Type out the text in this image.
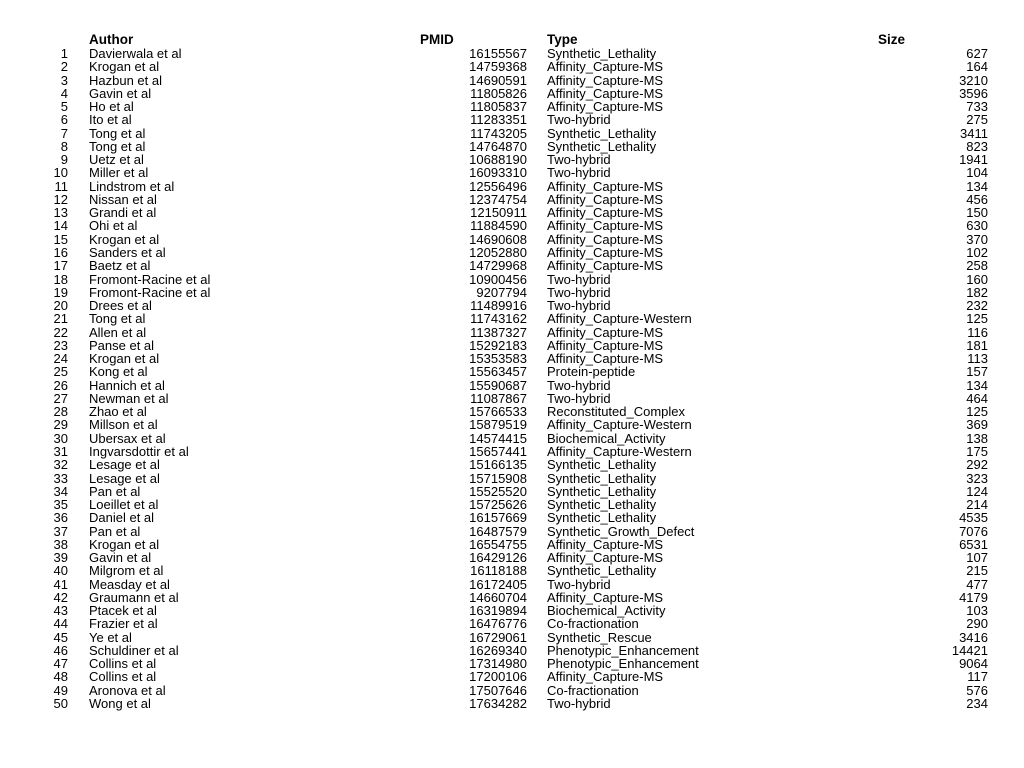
Author	PMID	Type	Size
1 Davierwala et al	16155567 Synthetic_Lethality	627
2 Krogan et al	14759368 Affinity_Capture-MS	164
3 Hazbun et al	14690591 Affinity_Capture-MS	3210
4 Gavin et al	11805826 Affinity_Capture-MS	3596
5 Ho et al	11805837 Affinity_Capture-MS	733
6 Ito et al	11283351 Two-hybrid	275
7 Tong et al	11743205 Synthetic_Lethality	3411
8 Tong et al	14764870 Synthetic_Lethality	823
9 Uetz et al	10688190 Two-hybrid	1941
10 Miller et al	16093310 Two-hybrid	104
11 Lindstrom et al	12556496 Affinity_Capture-MS	134
12 Nissan et al	12374754 Affinity_Capture-MS	456
13 Grandi et al	12150911 Affinity_Capture-MS	150
14 Ohi et al	11884590 Affinity_Capture-MS	630
15 Krogan et al	14690608 Affinity_Capture-MS	370
16 Sanders et al	12052880 Affinity_Capture-MS	102
17 Baetz et al	14729968 Affinity_Capture-MS	258
18 Fromont-Racine et al	10900456 Two-hybrid	160
19 Fromont-Racine et al	9207794 Two-hybrid	182
20 Drees et al	11489916 Two-hybrid	232
21 Tong et al	11743162 Affinity_Capture-Western	125
22 Allen et al	11387327 Affinity_Capture-MS	116
23 Panse et al	15292183 Affinity_Capture-MS	181
24 Krogan et al	15353583 Affinity_Capture-MS	113
25 Kong et al	15563457 Protein-peptide	157
26 Hannich et al	15590687 Two-hybrid	134
27 Newman et al	11087867 Two-hybrid	464
28 Zhao et al	15766533 Reconstituted_Complex	125
29 Millson et al	15879519 Affinity_Capture-Western	369
30 Ubersax et al	14574415 Biochemical_Activity	138
31 Ingvarsdottir et al	15657441 Affinity_Capture-Western	175
32 Lesage et al	15166135 Synthetic_Lethality	292
33 Lesage et al	15715908 Synthetic_Lethality	323
34 Pan et al	15525520 Synthetic_Lethality	124
35 Loeillet et al	15725626 Synthetic_Lethality	214
36 Daniel et al	16157669 Synthetic_Lethality	4535
37 Pan et al	16487579 Synthetic_Growth_Defect	7076
38 Krogan et al	16554755 Affinity_Capture-MS	6531
39 Gavin et al	16429126 Affinity_Capture-MS	107
40 Milgrom et al	16118188 Synthetic_Lethality	215
41 Measday et al	16172405 Two-hybrid	477
42 Graumann et al	14660704 Affinity_Capture-MS	4179
43 Ptacek et al	16319894 Biochemical_Activity	103
44 Frazier et al	16476776 Co-fractionation	290
45 Ye et al	16729061 Synthetic_Rescue	3416
46 Schuldiner et al	16269340 Phenotypic_Enhancement	14421
47 Collins et al	17314980 Phenotypic_Enhancement	9064
48 Collins et al	17200106 Affinity_Capture-MS	117
49 Aronova et al	17507646 Co-fractionation	576
50 Wong et al	17634282 Two-hybrid	234
